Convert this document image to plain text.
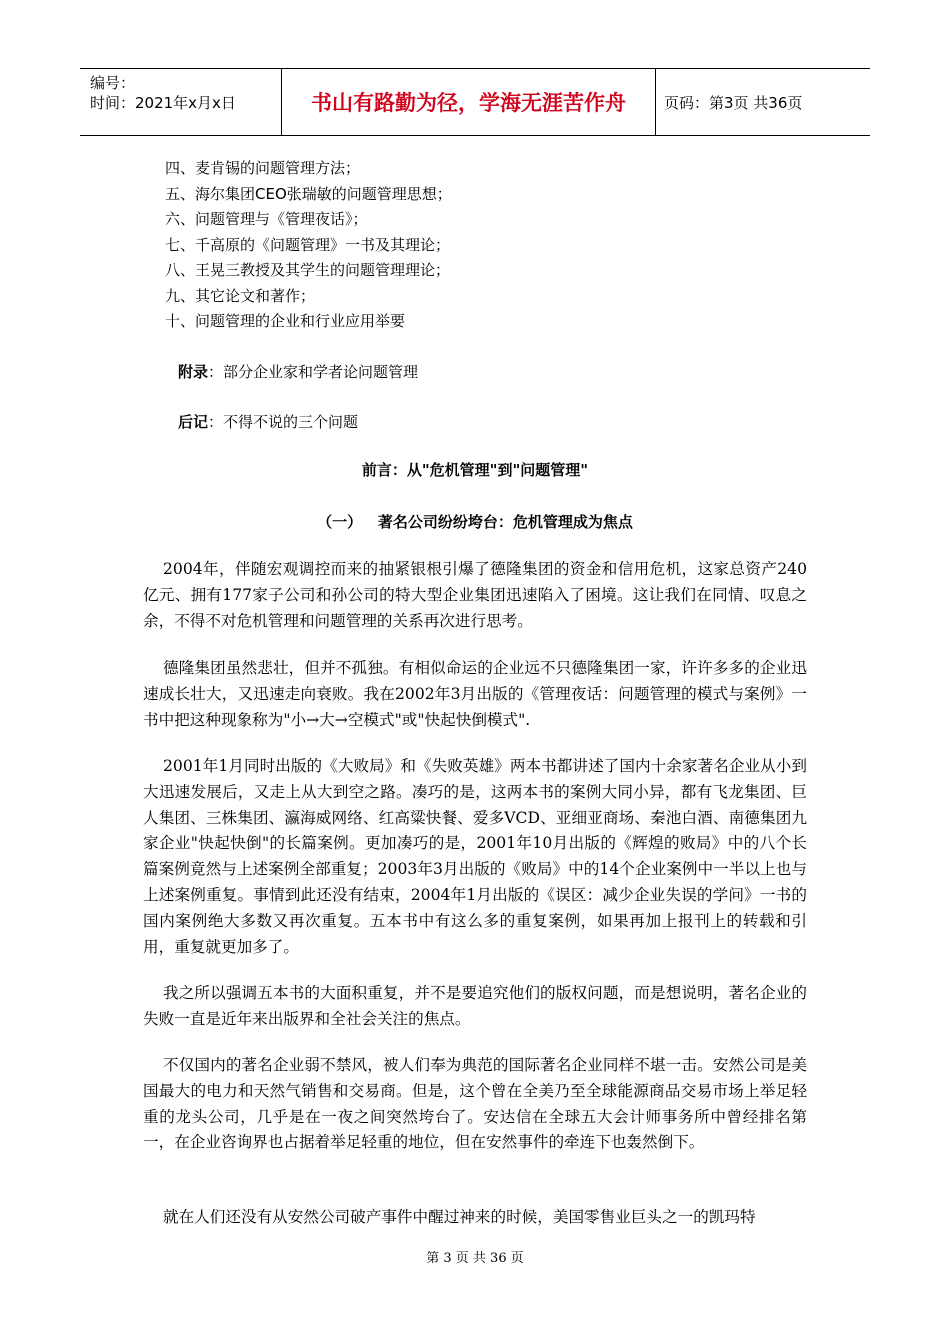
编号：
时间：2021年x月x日	书山有路勤为径，学海无涯苦作舟	页码：第3页 共36页
四、麦肯锡的问题管理方法；
五、海尔集团CEO张瑞敏的问题管理思想；
六、问题管理与《管理夜话》；
七、千高原的《问题管理》一书及其理论；
八、王晃三教授及其学生的问题管理理论；
九、其它论文和著作；
十、问题管理的企业和行业应用举要
附录：部分企业家和学者论问题管理
后记：不得不说的三个问题
前言：从"危机管理"到"问题管理"
（一）   著名公司纷纷垮台：危机管理成为焦点
2004年，伴随宏观调控而来的抽紧银根引爆了德隆集团的资金和信用危机，这家总资产240亿元、拥有177家子公司和孙公司的特大型企业集团迅速陷入了困境。这让我们在同情、叹息之余，不得不对危机管理和问题管理的关系再次进行思考。
德隆集团虽然悲壮，但并不孤独。有相似命运的企业远不只德隆集团一家，许许多多的企业迅速成长壮大，又迅速走向衰败。我在2002年3月出版的《管理夜话：问题管理的模式与案例》一书中把这种现象称为"小→大→空模式"或"快起快倒模式".
2001年1月同时出版的《大败局》和《失败英雄》两本书都讲述了国内十余家著名企业从小到大迅速发展后，又走上从大到空之路。凑巧的是，这两本书的案例大同小异，都有飞龙集团、巨人集团、三株集团、瀛海威网络、红高粱快餐、爱多VCD、亚细亚商场、秦池白酒、南德集团九家企业"快起快倒"的长篇案例。更加凑巧的是，2001年10月出版的《辉煌的败局》中的八个长篇案例竟然与上述案例全部重复；2003年3月出版的《败局》中的14个企业案例中一半以上也与上述案例重复。事情到此还没有结束，2004年1月出版的《误区：减少企业失误的学问》一书的国内案例绝大多数又再次重复。五本书中有这么多的重复案例，如果再加上报刊上的转载和引用，重复就更加多了。
我之所以强调五本书的大面积重复，并不是要追究他们的版权问题，而是想说明，著名企业的失败一直是近年来出版界和全社会关注的焦点。
不仅国内的著名企业弱不禁风，被人们奉为典范的国际著名企业同样不堪一击。安然公司是美国最大的电力和天然气销售和交易商。但是，这个曾在全美乃至全球能源商品交易市场上举足轻重的龙头公司，几乎是在一夜之间突然垮台了。安达信在全球五大会计师事务所中曾经排名第一，在企业咨询界也占据着举足轻重的地位，但在安然事件的牵连下也轰然倒下。
就在人们还没有从安然公司破产事件中醒过神来的时候，美国零售业巨头之一的凯玛特
第 3 页 共 36 页
